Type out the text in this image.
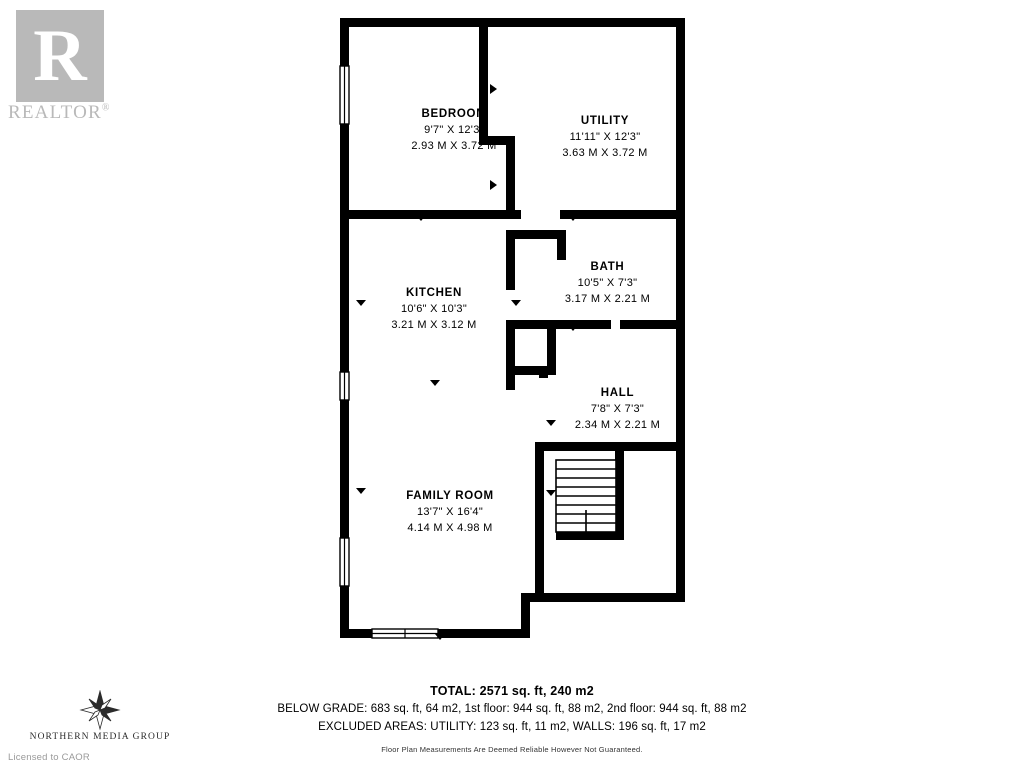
R
REALTOR®	BEDROOM
9'7" X 12'3"
2.93 M X 3.72 M
UTILITY
11'11" X 12'3"
3.63 M X 3.72 M
KITCHEN
10'6" X 10'3"
3.21 M X 3.12 M
BATH
10'5" X 7'3"
3.17 M X 2.21 M
HALL
7'8" X 7'3"
2.34 M X 2.21 M
FAMILY ROOM
13'7" X 16'4"
4.14 M X 4.98 M
TOTAL: 2571 sq. ft, 240 m2
BELOW GRADE: 683 sq. ft, 64 m2, 1st floor: 944 sq. ft, 88 m2, 2nd floor: 944 sq. ft, 88 m2
EXCLUDED AREAS: UTILITY: 123 sq. ft, 11 m2, WALLS: 196 sq. ft, 17 m2
Floor Plan Measurements Are Deemed Reliable However Not Guaranteed.
NORTHERN MEDIA GROUP
Licensed to CAOR
